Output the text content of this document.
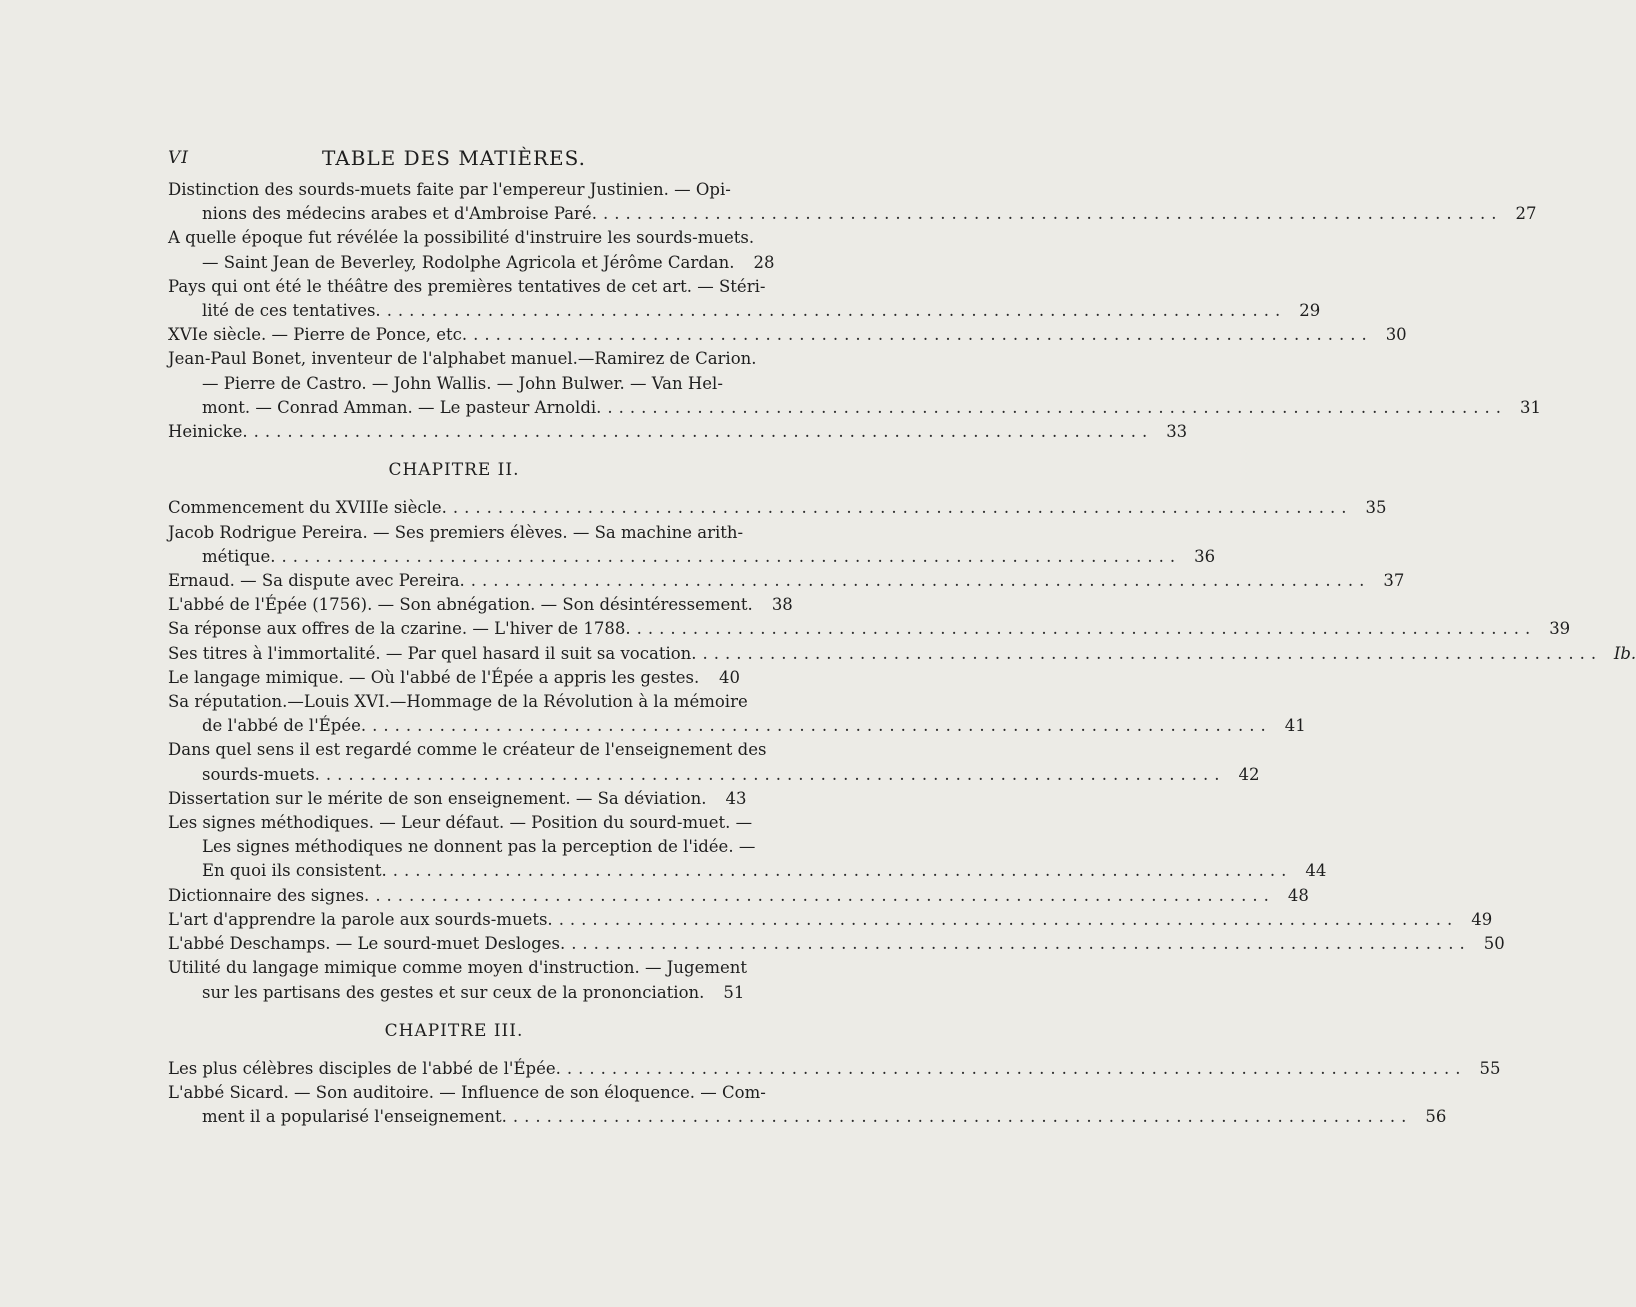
VI	TABLE DES MATIÈRES.
Distinction des sourds-muets faite par l'empereur Justinien. — Opi-
nions des médecins arabes et d'Ambroise Paré. ................................................................................ 27
A quelle époque fut révélée la possibilité d'instruire les sourds-muets.
— Saint Jean de Beverley, Rodolphe Agricola et Jérôme Cardan.	28
Pays qui ont été le théâtre des premières tentatives de cet art. — Stéri-
lité de ces tentatives. ................................................................................ 29
XVIe siècle. — Pierre de Ponce, etc. ................................................................................ 30
Jean-Paul Bonet, inventeur de l'alphabet manuel.—Ramirez de Carion.
— Pierre de Castro. — John Wallis. — John Bulwer. — Van Hel-
mont. — Conrad Amman. — Le pasteur Arnoldi. ................................................................................ 31
Heinicke. ................................................................................ 33
CHAPITRE II.
Commencement du XVIIIe siècle. ................................................................................ 35
Jacob Rodrigue Pereira. — Ses premiers élèves. — Sa machine arith-
métique. ................................................................................ 36
Ernaud. — Sa dispute avec Pereira. ................................................................................ 37
L'abbé de l'Épée (1756). — Son abnégation. — Son désintéressement.	38
Sa réponse aux offres de la czarine. — L'hiver de 1788. ................................................................................ 39
Ses titres à l'immortalité. — Par quel hasard il suit sa vocation. ................................................................................ Ib.
Le langage mimique. — Où l'abbé de l'Épée a appris les gestes.	40
Sa réputation.—Louis XVI.—Hommage de la Révolution à la mémoire
de l'abbé de l'Épée. ................................................................................ 41
Dans quel sens il est regardé comme le créateur de l'enseignement des
sourds-muets. ................................................................................ 42
Dissertation sur le mérite de son enseignement. — Sa déviation.	43
Les signes méthodiques. — Leur défaut. — Position du sourd-muet. —
Les signes méthodiques ne donnent pas la perception de l'idée. —
En quoi ils consistent. ................................................................................ 44
Dictionnaire des signes. ................................................................................ 48
L'art d'apprendre la parole aux sourds-muets. ................................................................................ 49
L'abbé Deschamps. — Le sourd-muet Desloges. ................................................................................ 50
Utilité du langage mimique comme moyen d'instruction. — Jugement
sur les partisans des gestes et sur ceux de la prononciation.	51
CHAPITRE III.
Les plus célèbres disciples de l'abbé de l'Épée. ................................................................................ 55
L'abbé Sicard. — Son auditoire. — Influence de son éloquence. — Com-
ment il a popularisé l'enseignement. ................................................................................ 56
